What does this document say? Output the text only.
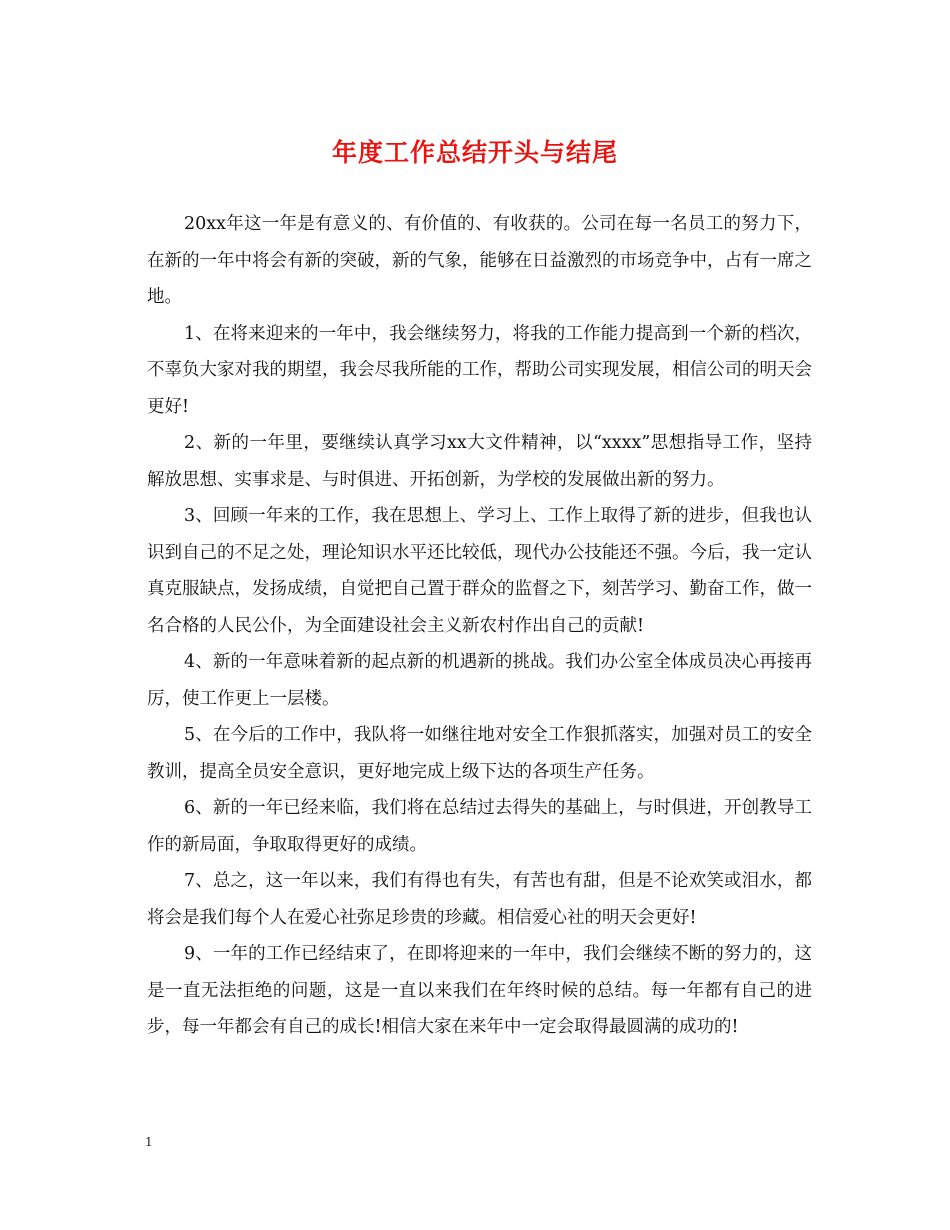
年度工作总结开头与结尾

20xx年这一年是有意义的、有价值的、有收获的。公司在每一名员工的努力下，在新的一年中将会有新的突破，新的气象，能够在日益激烈的市场竞争中，占有一席之地。

1、在将来迎来的一年中，我会继续努力，将我的工作能力提高到一个新的档次，不辜负大家对我的期望，我会尽我所能的工作，帮助公司实现发展，相信公司的明天会更好!

2、新的一年里，要继续认真学习xx大文件精神，以“xxxx”思想指导工作，坚持解放思想、实事求是、与时俱进、开拓创新，为学校的发展做出新的努力。

3、回顾一年来的工作，我在思想上、学习上、工作上取得了新的进步，但我也认识到自己的不足之处，理论知识水平还比较低，现代办公技能还不强。今后，我一定认真克服缺点，发扬成绩，自觉把自己置于群众的监督之下，刻苦学习、勤奋工作，做一名合格的人民公仆，为全面建设社会主义新农村作出自己的贡献!

4、新的一年意味着新的起点新的机遇新的挑战。我们办公室全体成员决心再接再厉，使工作更上一层楼。

5、在今后的工作中，我队将一如继往地对安全工作狠抓落实，加强对员工的安全教训，提高全员安全意识，更好地完成上级下达的各项生产任务。

6、新的一年已经来临，我们将在总结过去得失的基础上，与时俱进，开创教导工作的新局面，争取取得更好的成绩。

7、总之，这一年以来，我们有得也有失，有苦也有甜，但是不论欢笑或泪水，都将会是我们每个人在爱心社弥足珍贵的珍藏。相信爱心社的明天会更好!

9、一年的工作已经结束了，在即将迎来的一年中，我们会继续不断的努力的，这是一直无法拒绝的问题，这是一直以来我们在年终时候的总结。每一年都有自己的进步，每一年都会有自己的成长!相信大家在来年中一定会取得最圆满的成功的!

1
